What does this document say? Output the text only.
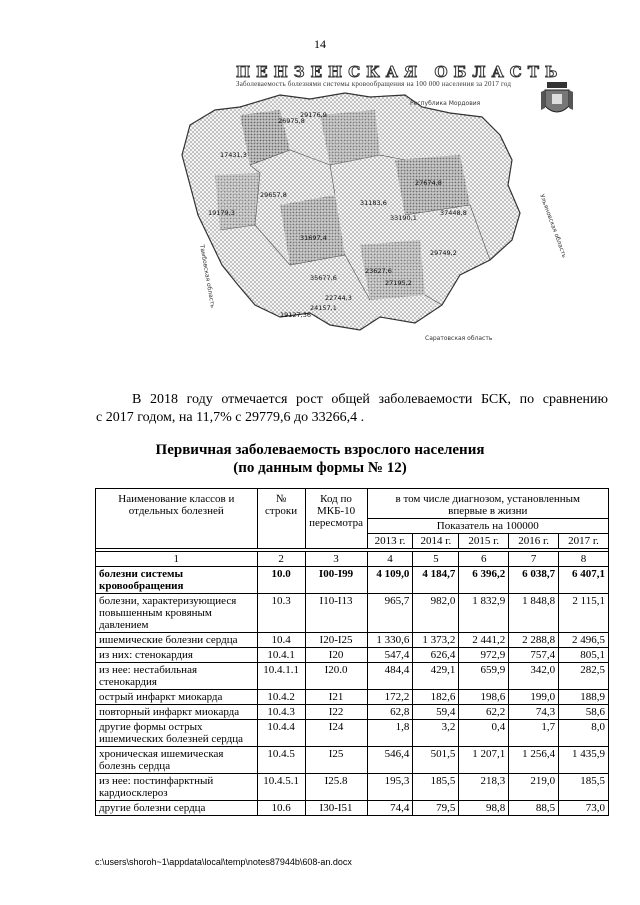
14
ПЕНЗЕНСКАЯ ОБЛАСТЬ
Заболеваемость болезнями системы кровообращения на 100 000 населения за 2017 год
17431,3
26975,8
29176,9
29657,8
31183,6
27674,8
37448,8
19179,3
33190,1
29749,2
35677,6
27195,2
31697,4
22744,3
23627,6
24157,1
19127,36
Республика Мордовия
Ульяновская область
Тамбовская область
Саратовская область
В 2018 году отмечается рост общей заболеваемости БСК, по сравнению
с 2017 годом, на 11,7% с 29779,6 до 33266,4 .
Первичная заболеваемость взрослого населения
(по данным формы № 12)
Наименование классов и отдельных болезней	№ строки	Код по МКБ-10 пересмотра	в том числе диагнозом, установленным впервые в жизни				
			Показатель на 100000				
			2013 г.	2014 г.	2015 г.	2016 г.	2017 г.

1	2	3	4	5	6	7	8
болезни системы кровообращения	10.0	I00-I99	4 109,0	4 184,7	6 396,2	6 038,7	6 407,1
болезни, характеризующиеся повышенным кровяным давлением	10.3	I10-I13	965,7	982,0	1 832,9	1 848,8	2 115,1
ишемические болезни сердца	10.4	I20-I25	1 330,6	1 373,2	2 441,2	2 288,8	2 496,5
из них: стенокардия	10.4.1	I20	547,4	626,4	972,9	757,4	805,1
из нее: нестабильная стенокардия	10.4.1.1	I20.0	484,4	429,1	659,9	342,0	282,5
острый инфаркт миокарда	10.4.2	I21	172,2	182,6	198,6	199,0	188,9
повторный инфаркт миокарда	10.4.3	I22	62,8	59,4	62,2	74,3	58,6
другие формы острых ишемических болезней сердца	10.4.4	I24	1,8	3,2	0,4	1,7	8,0
хроническая ишемическая болезнь сердца	10.4.5	I25	546,4	501,5	1 207,1	1 256,4	1 435,9
из нее: постинфарктный кардиосклероз	10.4.5.1	I25.8	195,3	185,5	218,3	219,0	185,5
другие болезни сердца	10.6	I30-I51	74,4	79,5	98,8	88,5	73,0
c:\users\shoroh~1\appdata\local\temp\notes87944b\608-an.docx
